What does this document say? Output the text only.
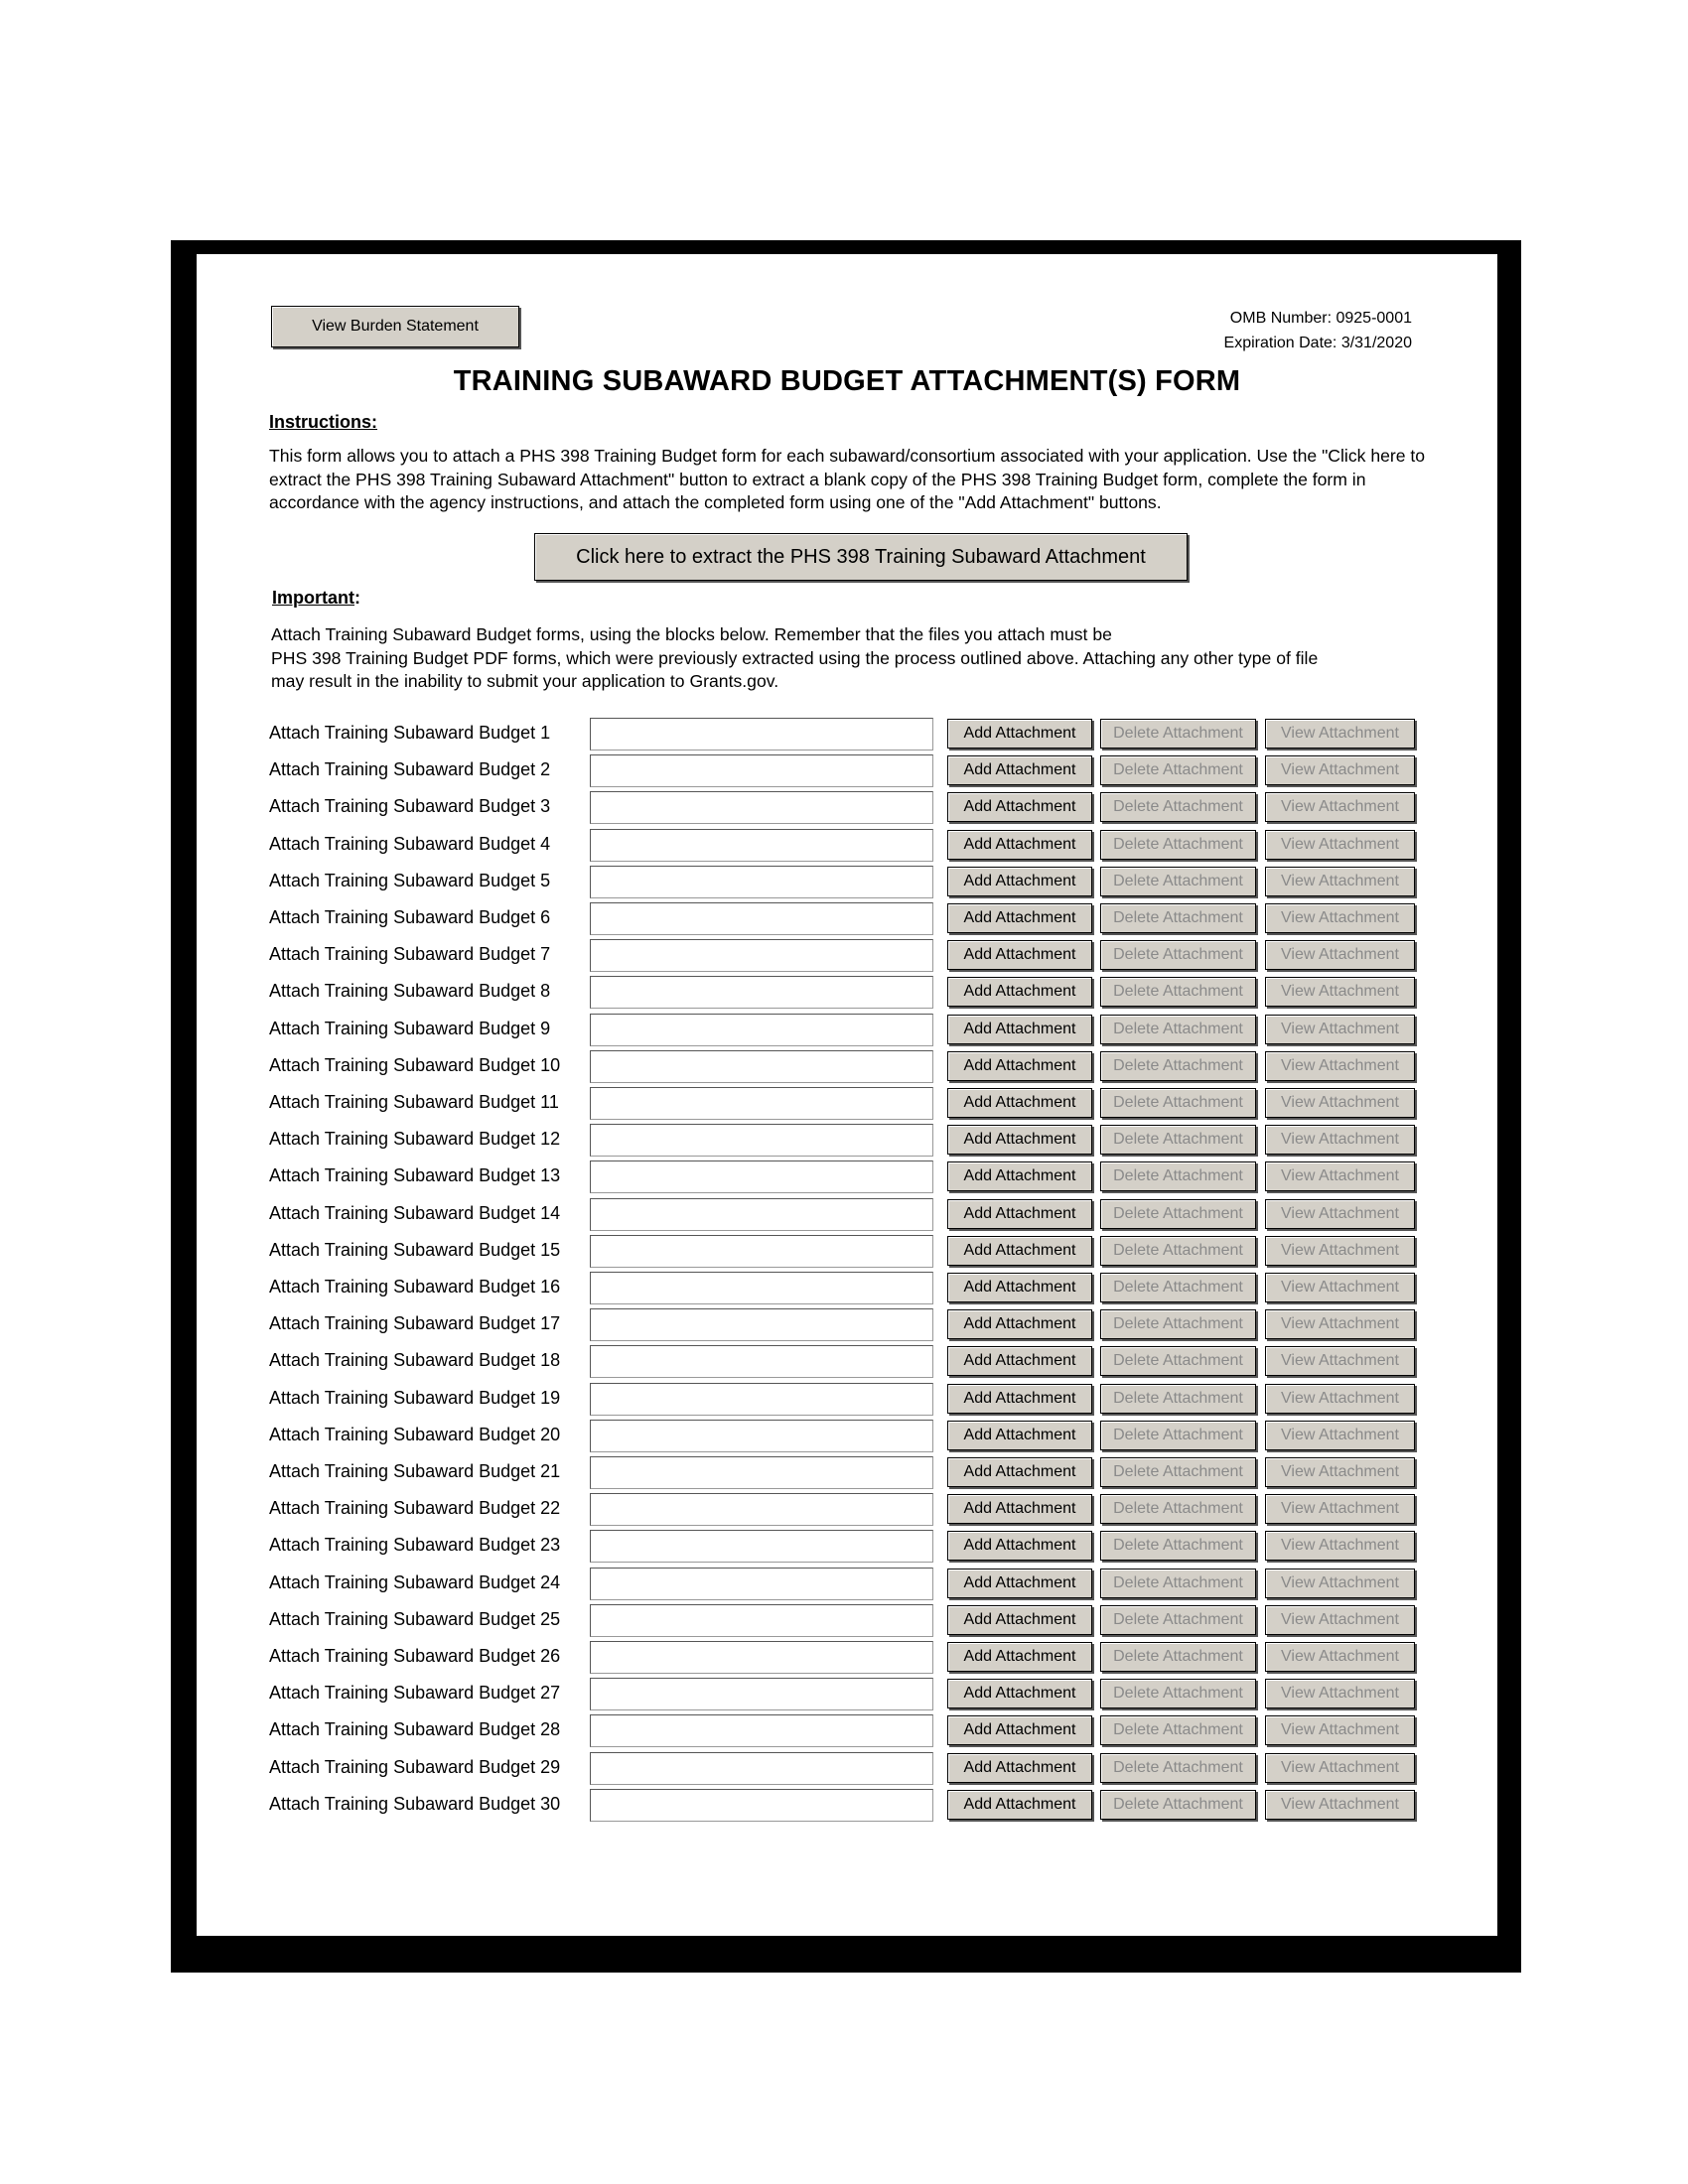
View Burden Statement	OMB Number: 0925-0001
Expiration Date: 3/31/2020
TRAINING SUBAWARD BUDGET ATTACHMENT(S) FORM
Instructions:
This form allows you to attach a PHS 398 Training Budget form for each subaward/consortium associated with your application. Use the "Click here to extract the PHS 398 Training Subaward Attachment" button to extract a blank copy of the PHS 398 Training Budget form, complete the form in accordance with the agency instructions, and attach the completed form using one of the "Add Attachment" buttons.
Click here to extract the PHS 398 Training Subaward Attachment
Important:
Attach Training Subaward Budget forms, using the blocks below. Remember that the files you attach must be
PHS 398 Training Budget PDF forms, which were previously extracted using the process outlined above. Attaching any other type of file
may result in the inability to submit your application to Grants.gov.
Attach Training Subaward Budget 1	Add Attachment	Delete Attachment	View Attachment
Attach Training Subaward Budget 2	Add Attachment	Delete Attachment	View Attachment
Attach Training Subaward Budget 3	Add Attachment	Delete Attachment	View Attachment
Attach Training Subaward Budget 4	Add Attachment	Delete Attachment	View Attachment
Attach Training Subaward Budget 5	Add Attachment	Delete Attachment	View Attachment
Attach Training Subaward Budget 6	Add Attachment	Delete Attachment	View Attachment
Attach Training Subaward Budget 7	Add Attachment	Delete Attachment	View Attachment
Attach Training Subaward Budget 8	Add Attachment	Delete Attachment	View Attachment
Attach Training Subaward Budget 9	Add Attachment	Delete Attachment	View Attachment
Attach Training Subaward Budget 10	Add Attachment	Delete Attachment	View Attachment
Attach Training Subaward Budget 11	Add Attachment	Delete Attachment	View Attachment
Attach Training Subaward Budget 12	Add Attachment	Delete Attachment	View Attachment
Attach Training Subaward Budget 13	Add Attachment	Delete Attachment	View Attachment
Attach Training Subaward Budget 14	Add Attachment	Delete Attachment	View Attachment
Attach Training Subaward Budget 15	Add Attachment	Delete Attachment	View Attachment
Attach Training Subaward Budget 16	Add Attachment	Delete Attachment	View Attachment
Attach Training Subaward Budget 17	Add Attachment	Delete Attachment	View Attachment
Attach Training Subaward Budget 18	Add Attachment	Delete Attachment	View Attachment
Attach Training Subaward Budget 19	Add Attachment	Delete Attachment	View Attachment
Attach Training Subaward Budget 20	Add Attachment	Delete Attachment	View Attachment
Attach Training Subaward Budget 21	Add Attachment	Delete Attachment	View Attachment
Attach Training Subaward Budget 22	Add Attachment	Delete Attachment	View Attachment
Attach Training Subaward Budget 23	Add Attachment	Delete Attachment	View Attachment
Attach Training Subaward Budget 24	Add Attachment	Delete Attachment	View Attachment
Attach Training Subaward Budget 25	Add Attachment	Delete Attachment	View Attachment
Attach Training Subaward Budget 26	Add Attachment	Delete Attachment	View Attachment
Attach Training Subaward Budget 27	Add Attachment	Delete Attachment	View Attachment
Attach Training Subaward Budget 28	Add Attachment	Delete Attachment	View Attachment
Attach Training Subaward Budget 29	Add Attachment	Delete Attachment	View Attachment
Attach Training Subaward Budget 30	Add Attachment	Delete Attachment	View Attachment
